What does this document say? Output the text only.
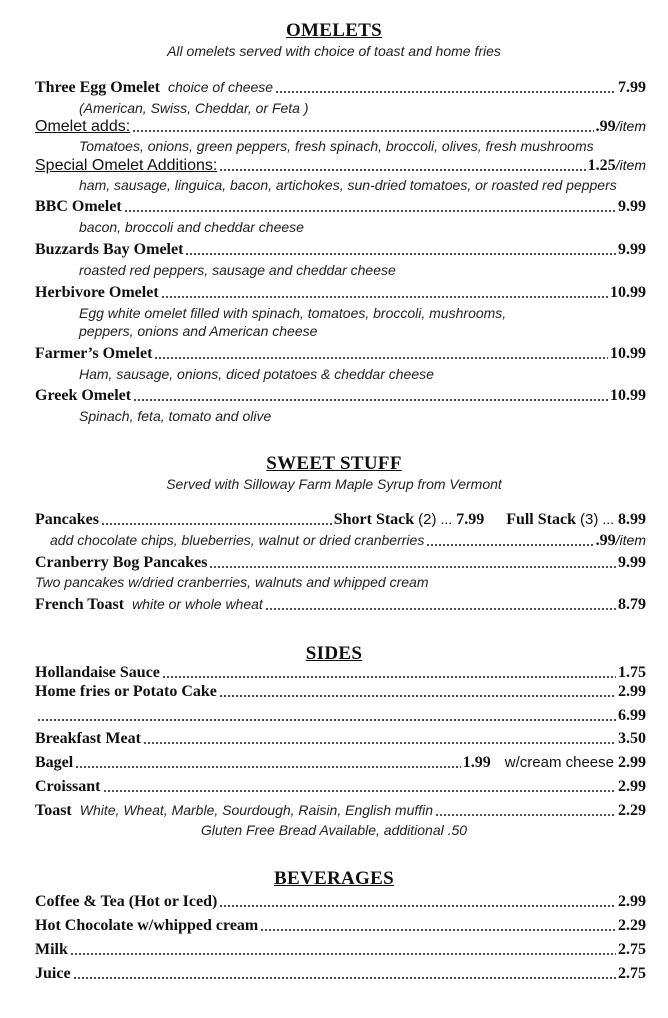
OMELETS
All omelets served with choice of toast and home fries
Three Egg Omelet choice of cheese	7.99
(American, Swiss, Cheddar, or Feta )
Omelet adds:	.99 /item
Tomatoes, onions, green peppers, fresh spinach, broccoli, olives, fresh mushrooms
Special Omelet Additions:	1.25 /item
ham, sausage, linguica, bacon, artichokes, sun-dried tomatoes, or roasted red peppers
BBC Omelet	9.99
bacon, broccoli and cheddar cheese
Buzzards Bay Omelet	9.99
roasted red peppers, sausage and cheddar cheese
Herbivore Omelet	10.99
Egg white omelet filled with spinach, tomatoes, broccoli, mushrooms,
peppers, onions and American cheese
Farmer’s Omelet	10.99
Ham, sausage, onions, diced potatoes & cheddar cheese
Greek Omelet	10.99
Spinach, feta, tomato and olive
SWEET STUFF
Served with Silloway Farm Maple Syrup from Vermont
Pancakes	Short Stack (2) ... 7.99 Full Stack (3) ... 8.99
add chocolate chips, blueberries, walnut or dried cranberries	.99 /item
Cranberry Bog Pancakes	9.99
Two pancakes w/dried cranberries, walnuts and whipped cream
French Toast white or whole wheat	8.79
SIDES
Hollandaise Sauce	1.75
Home fries or Potato Cake	2.99
6.99
Breakfast Meat	3.50
Bagel	1.99 w/cream cheese 2.99
Croissant	2.99
Toast White, Wheat, Marble, Sourdough, Raisin, English muffin	2.29
Gluten Free Bread Available, additional .50
BEVERAGES
Coffee & Tea (Hot or Iced)	2.99
Hot Chocolate w/whipped cream	2.29
Milk	2.75
Juice	2.75
